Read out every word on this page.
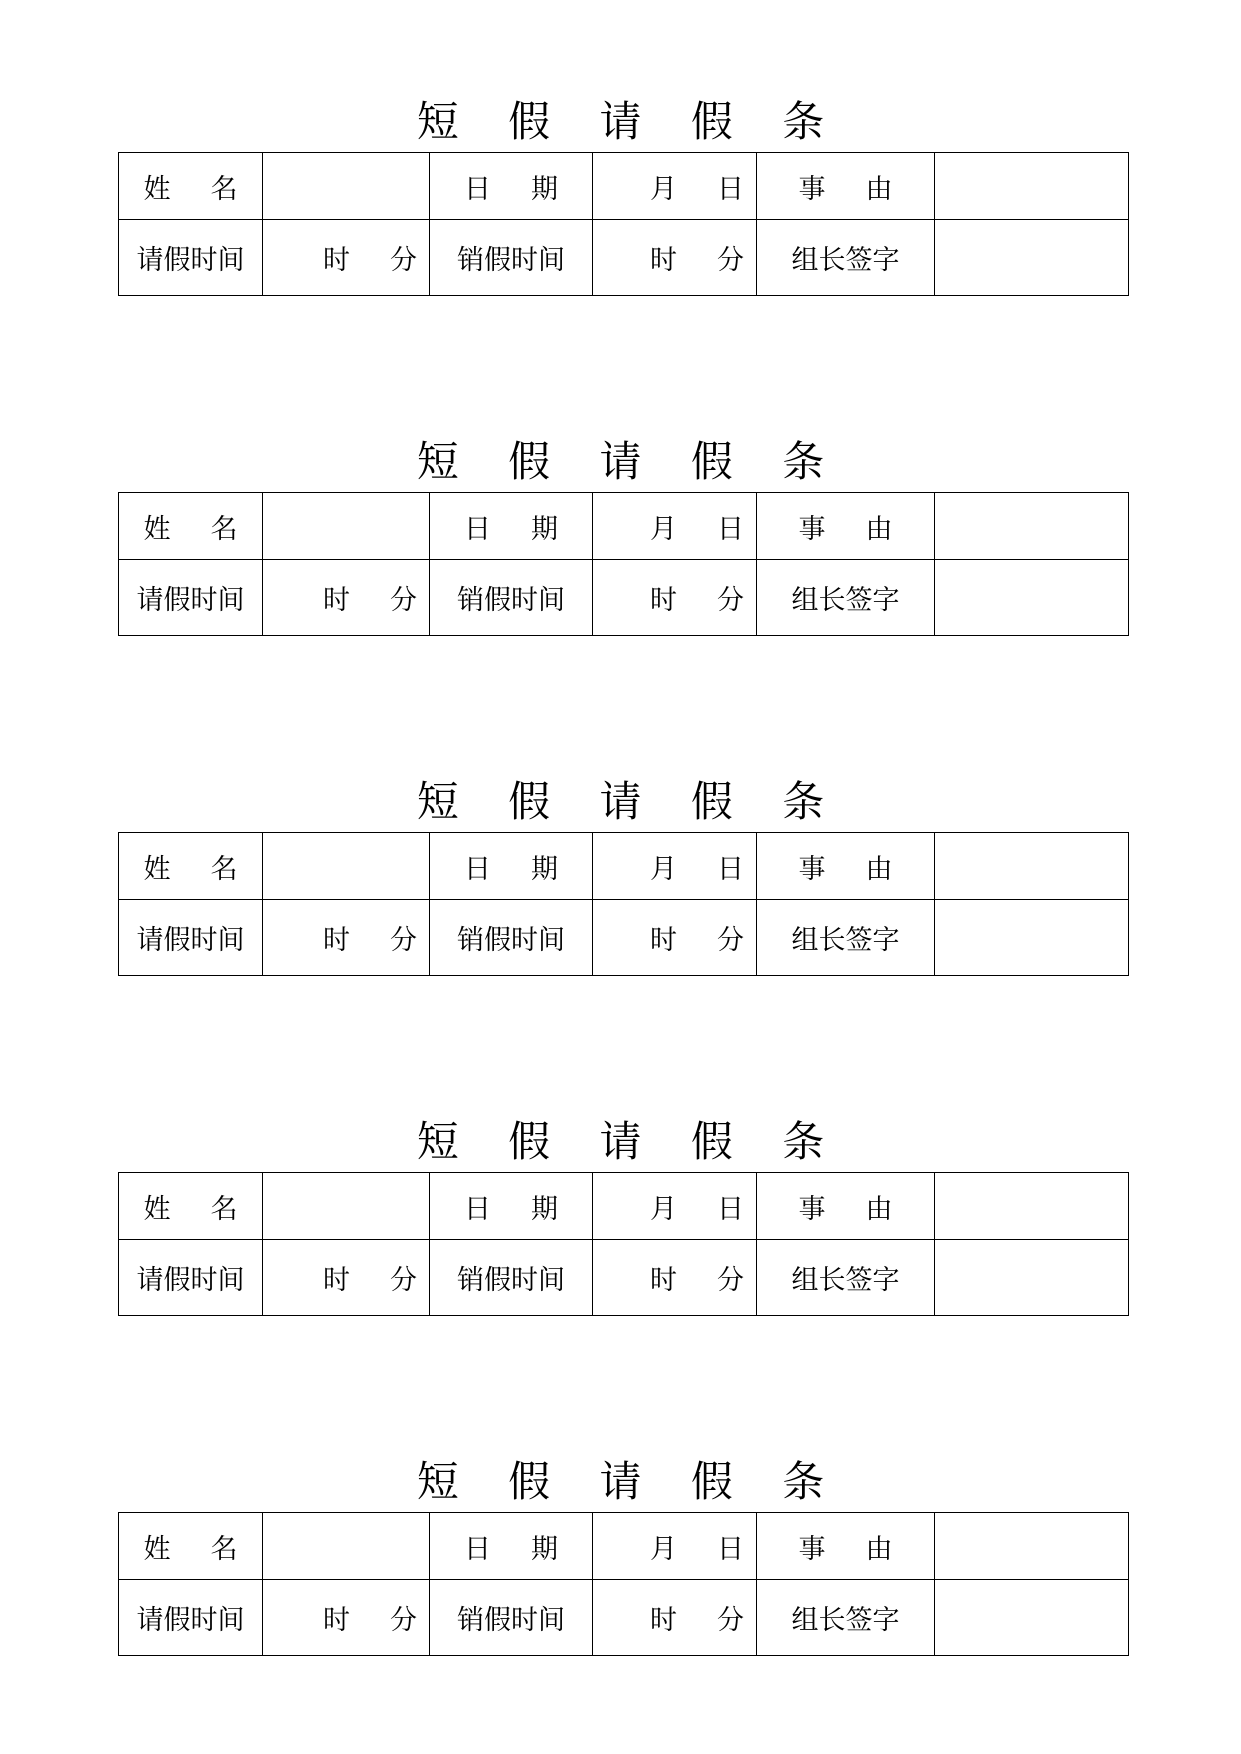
短 假 请 假 条
姓 名		日 期	月 日	事 由	
请假时间	时 分	销假时间	时 分	组长签字	
短 假 请 假 条
姓 名		日 期	月 日	事 由	
请假时间	时 分	销假时间	时 分	组长签字	
短 假 请 假 条
姓 名		日 期	月 日	事 由	
请假时间	时 分	销假时间	时 分	组长签字	
短 假 请 假 条
姓 名		日 期	月 日	事 由	
请假时间	时 分	销假时间	时 分	组长签字	
短 假 请 假 条
姓 名		日 期	月 日	事 由	
请假时间	时 分	销假时间	时 分	组长签字	
